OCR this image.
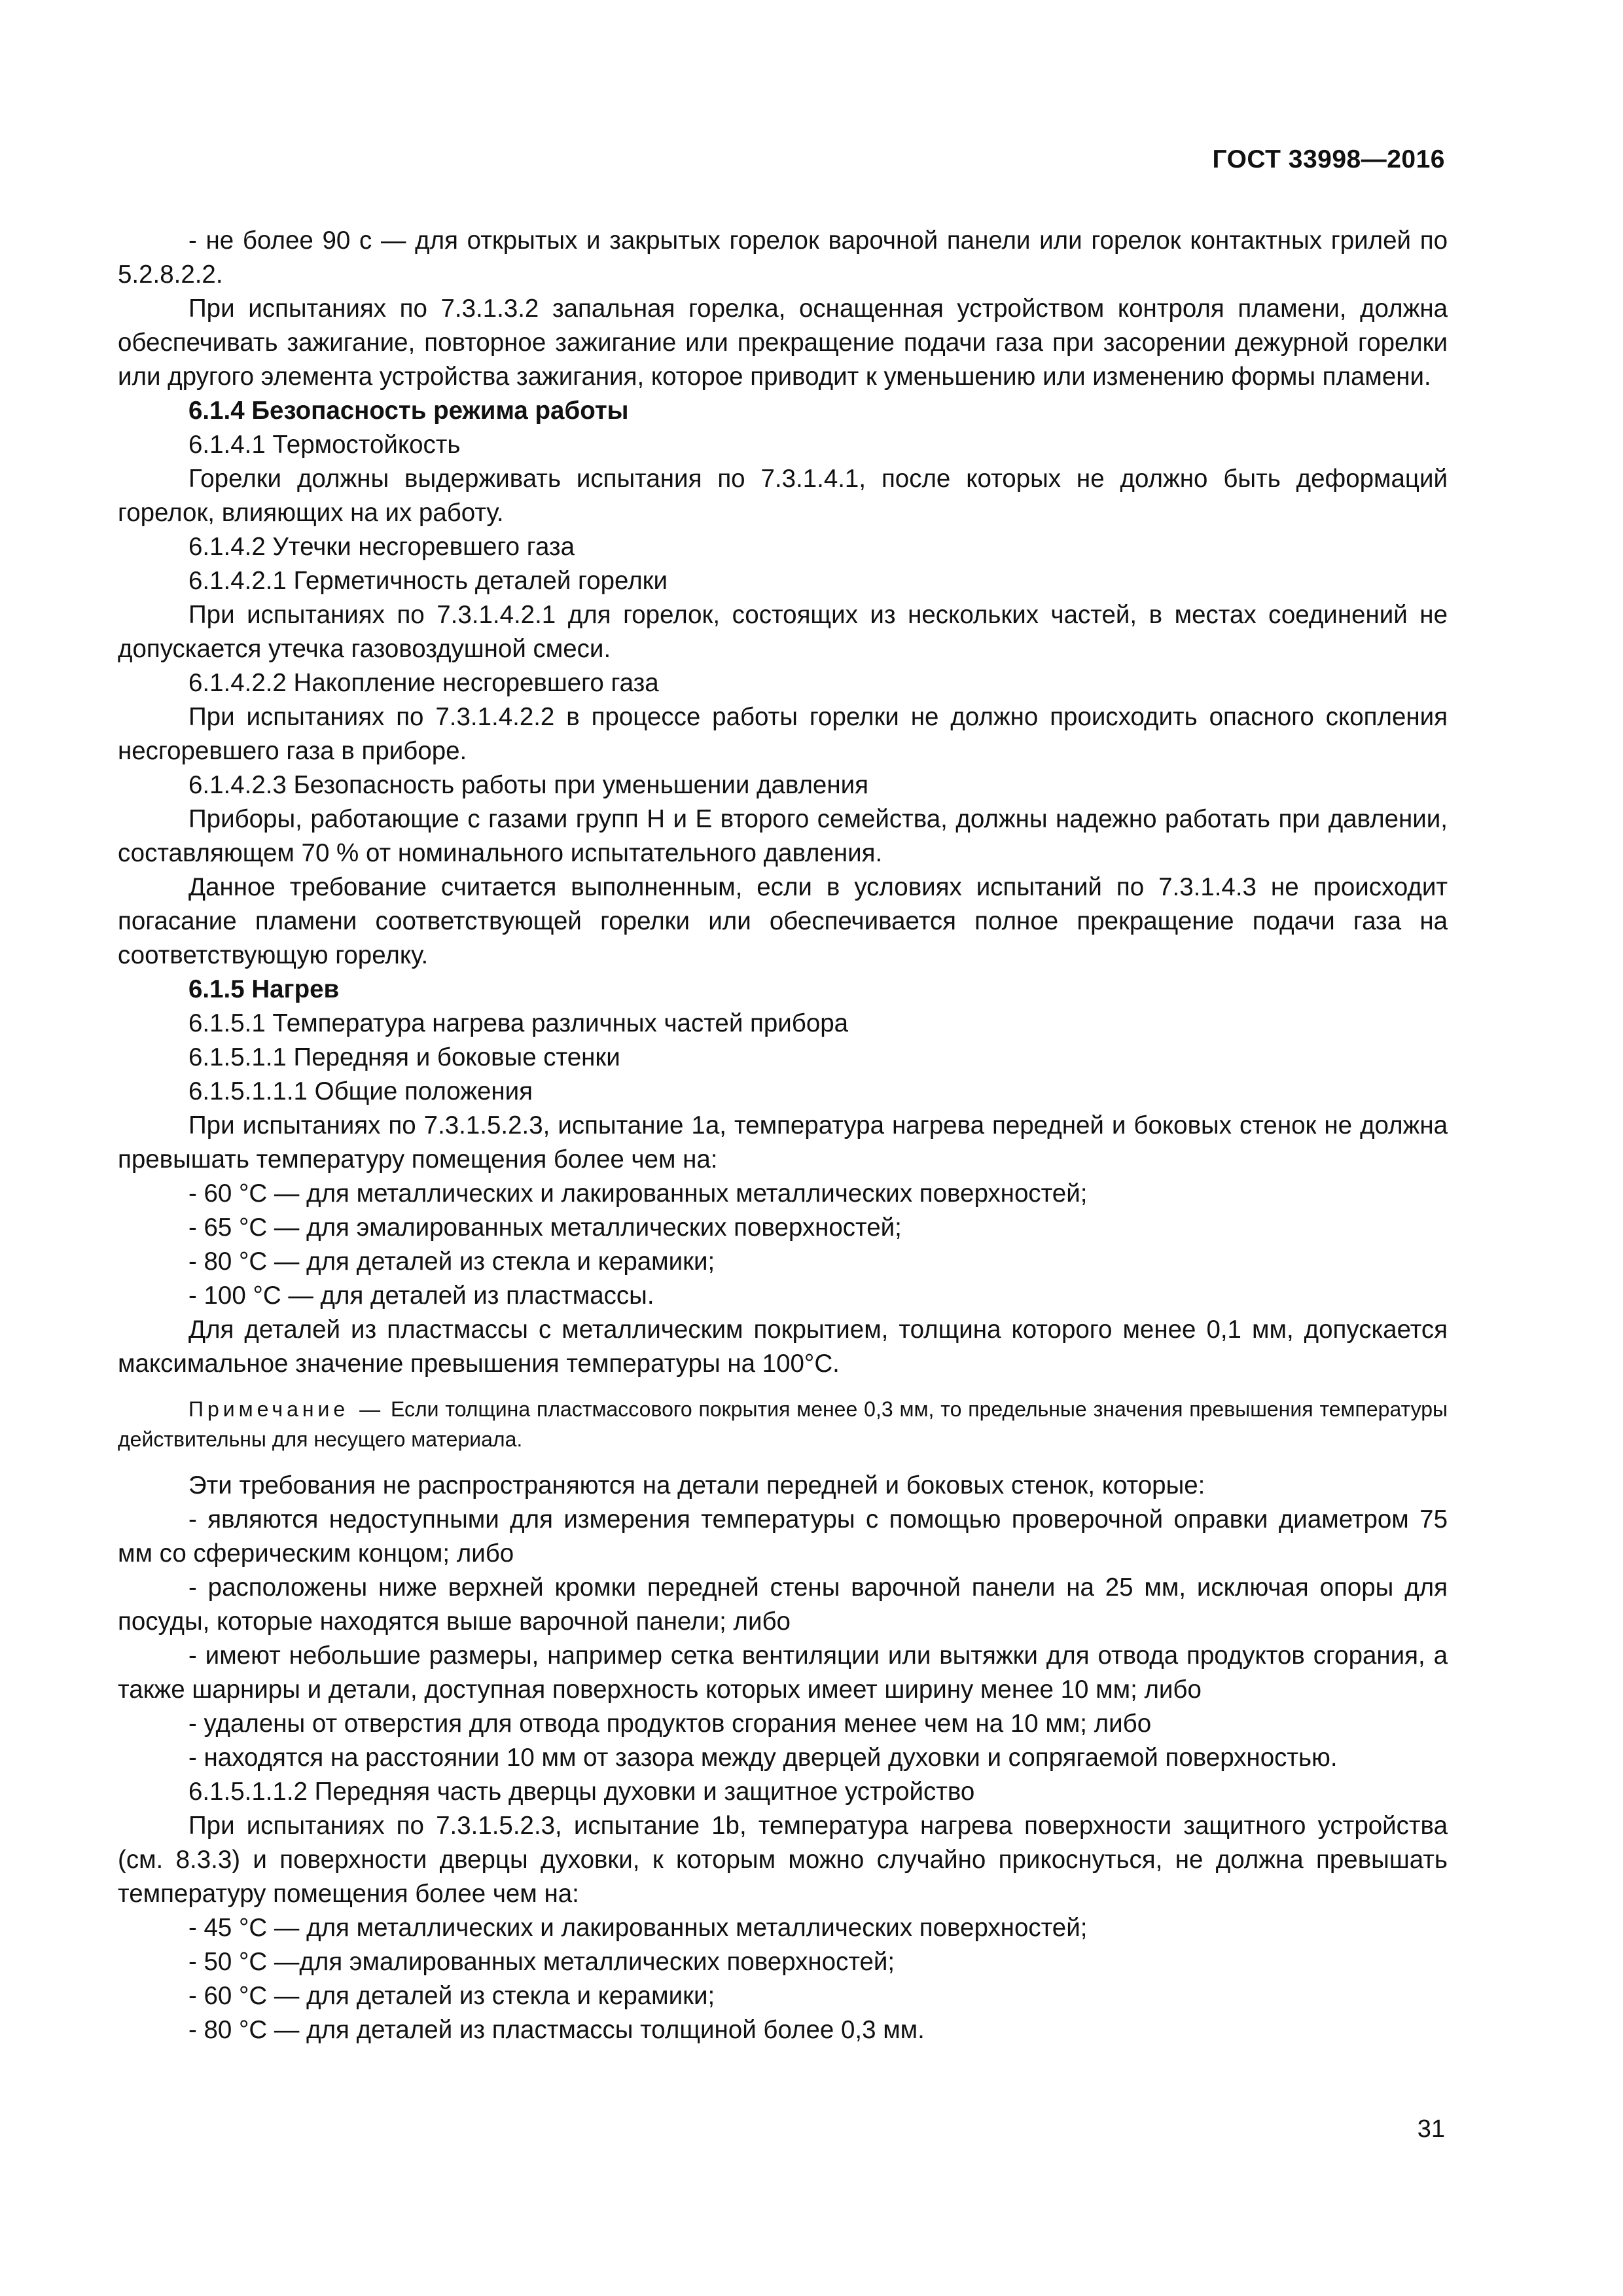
ГОСТ 33998—2016

- не более 90 с — для открытых и закрытых горелок варочной панели или горелок контактных грилей по 5.2.8.2.2.

При испытаниях по 7.3.1.3.2 запальная горелка, оснащенная устройством контроля пламени, должна обеспечивать зажигание, повторное зажигание или прекращение подачи газа при засорении дежурной горелки или другого элемента устройства зажигания, которое приводит к уменьшению или изменению формы пламени.

6.1.4 Безопасность режима работы

6.1.4.1 Термостойкость

Горелки должны выдерживать испытания по 7.3.1.4.1, после которых не должно быть деформаций горелок, влияющих на их работу.

6.1.4.2 Утечки несгоревшего газа

6.1.4.2.1 Герметичность деталей горелки

При испытаниях по 7.3.1.4.2.1 для горелок, состоящих из нескольких частей, в местах соединений не допускается утечка газовоздушной смеси.

6.1.4.2.2 Накопление несгоревшего газа

При испытаниях по 7.3.1.4.2.2 в процессе работы горелки не должно происходить опасного скопления несгоревшего газа в приборе.

6.1.4.2.3 Безопасность работы при уменьшении давления

Приборы, работающие с газами групп Н и Е второго семейства, должны надежно работать при давлении, составляющем 70 % от номинального испытательного давления.

Данное требование считается выполненным, если в условиях испытаний по 7.3.1.4.3 не происходит погасание пламени соответствующей горелки или обеспечивается полное прекращение подачи газа на соответствующую горелку.

6.1.5 Нагрев

6.1.5.1 Температура нагрева различных частей прибора

6.1.5.1.1 Передняя и боковые стенки

6.1.5.1.1.1 Общие положения

При испытаниях по 7.3.1.5.2.3, испытание 1а, температура нагрева передней и боковых стенок не должна превышать температуру помещения более чем на:

- 60 °С — для металлических и лакированных металлических поверхностей;

- 65 °С — для эмалированных металлических поверхностей;

- 80 °С — для деталей из стекла и керамики;

- 100 °С — для деталей из пластмассы.

Для деталей из пластмассы с металлическим покрытием, толщина которого менее 0,1 мм, допускается максимальное значение превышения температуры на 100°С.

Примечание — Если толщина пластмассового покрытия менее 0,3 мм, то предельные значения превышения температуры действительны для несущего материала.

Эти требования не распространяются на детали передней и боковых стенок, которые:

- являются недоступными для измерения температуры с помощью проверочной оправки диаметром 75 мм со сферическим концом; либо

- расположены ниже верхней кромки передней стены варочной панели на 25 мм, исключая опоры для посуды, которые находятся выше варочной панели; либо

- имеют небольшие размеры, например сетка вентиляции или вытяжки для отвода продуктов сгорания, а также шарниры и детали, доступная поверхность которых имеет ширину менее 10 мм; либо

- удалены от отверстия для отвода продуктов сгорания менее чем на 10 мм; либо

- находятся на расстоянии 10 мм от зазора между дверцей духовки и сопрягаемой поверхностью.

6.1.5.1.1.2 Передняя часть дверцы духовки и защитное устройство

При испытаниях по 7.3.1.5.2.3, испытание 1b, температура нагрева поверхности защитного устройства (см. 8.3.3) и поверхности дверцы духовки, к которым можно случайно прикоснуться, не должна превышать температуру помещения более чем на:

- 45 °С — для металлических и лакированных металлических поверхностей;

- 50 °С —для эмалированных металлических поверхностей;

- 60 °С — для деталей из стекла и керамики;

- 80 °С — для деталей из пластмассы толщиной более 0,3 мм.

31
